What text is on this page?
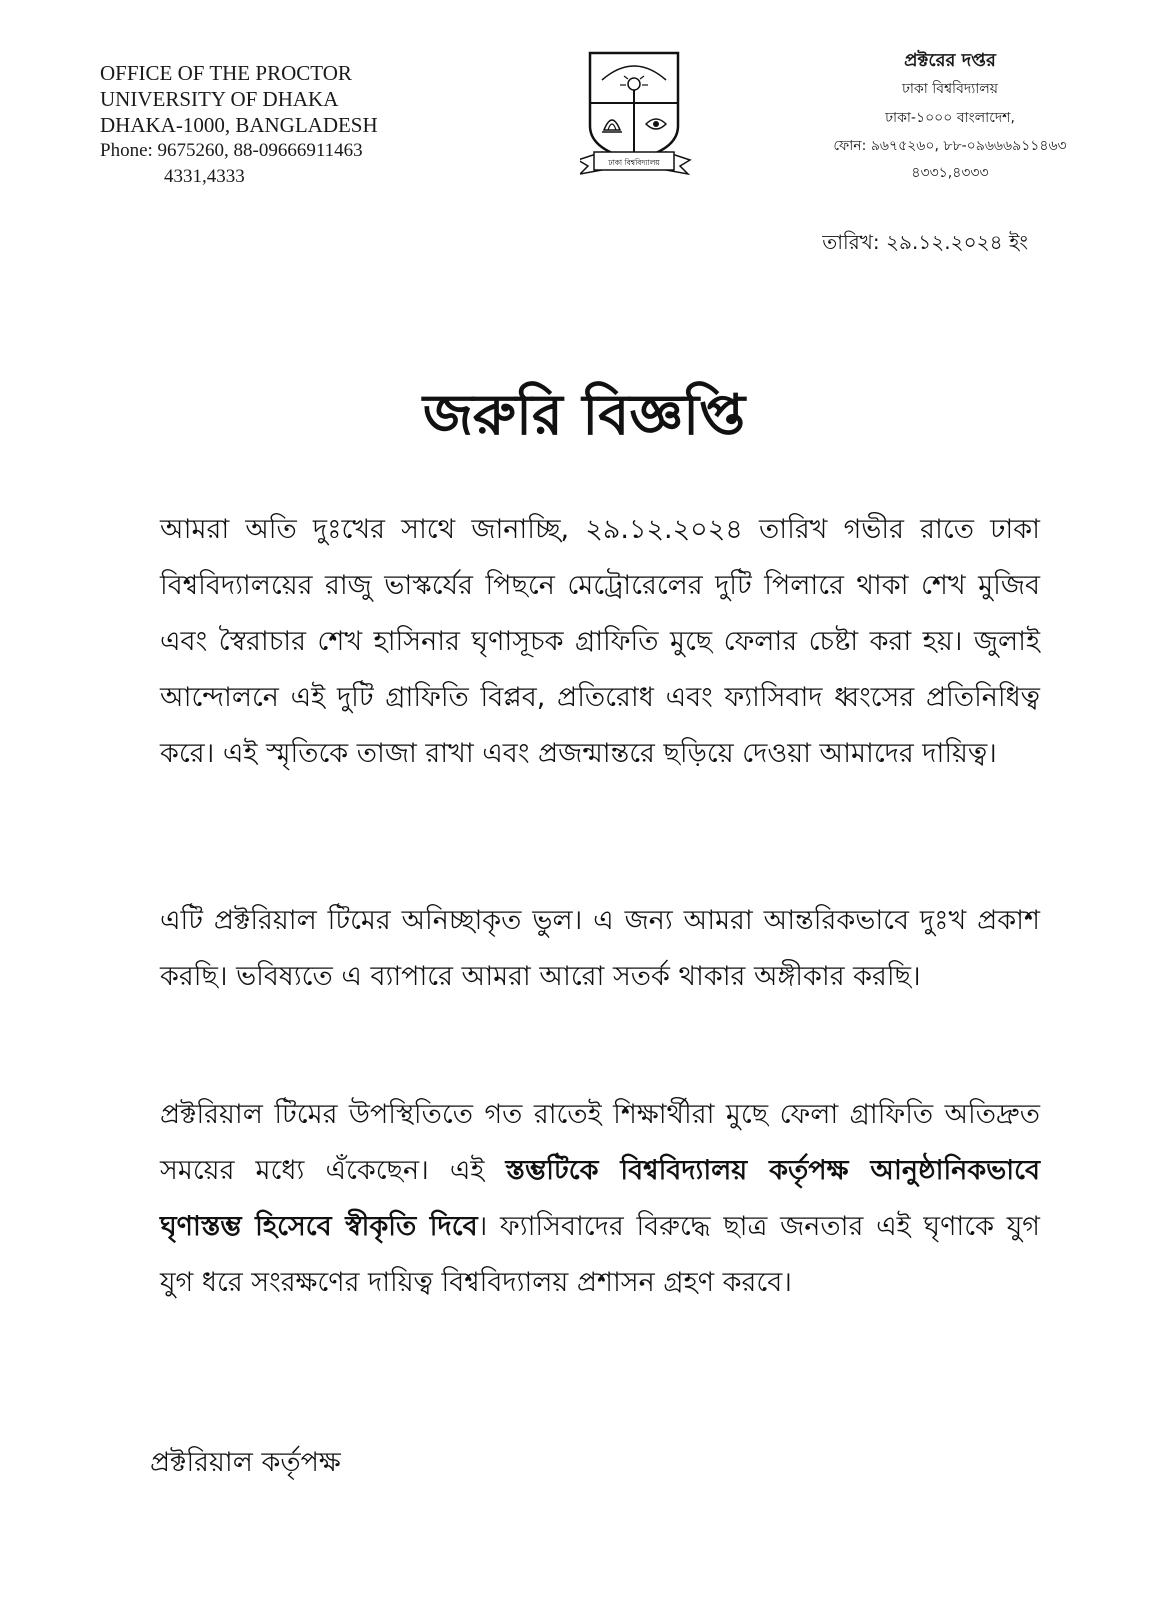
OFFICE OF THE PROCTOR
UNIVERSITY OF DHAKA
DHAKA-1000, BANGLADESH
Phone: 9675260, 88-09666911463
4331,4333
ঢাকা বিশ্ববিদ্যালয়
প্রক্টরের দপ্তর
ঢাকা বিশ্ববিদ্যালয়
ঢাকা-১০০০ বাংলাদেশ,
ফোন: ৯৬৭৫২৬০, ৮৮-০৯৬৬৬৯১১৪৬৩
৪৩৩১,৪৩৩৩
তারিখ: ২৯.১২.২০২৪ ইং
জরুরি বিজ্ঞপ্তি
আমরা অতি দুঃখের সাথে জানাচ্ছি, ২৯.১২.২০২৪ তারিখ গভীর রাতে ঢাকা বিশ্ববিদ্যালয়ের রাজু ভাস্কর্যের পিছনে মেট্রোরেলের দুটি পিলারে থাকা শেখ মুজিব এবং স্বৈরাচার শেখ হাসিনার ঘৃণাসূচক গ্রাফিতি মুছে ফেলার চেষ্টা করা হয়। জুলাই আন্দোলনে এই দুটি গ্রাফিতি বিপ্লব, প্রতিরোধ এবং ফ্যাসিবাদ ধ্বংসের প্রতিনিধিত্ব করে। এই স্মৃতিকে তাজা রাখা এবং প্রজন্মান্তরে ছড়িয়ে দেওয়া আমাদের দায়িত্ব।
এটি প্রক্টরিয়াল টিমের অনিচ্ছাকৃত ভুল। এ জন্য আমরা আন্তরিকভাবে দুঃখ প্রকাশ করছি। ভবিষ্যতে এ ব্যাপারে আমরা আরো সতর্ক থাকার অঙ্গীকার করছি।
প্রক্টরিয়াল টিমের উপস্থিতিতে গত রাতেই শিক্ষার্থীরা মুছে ফেলা গ্রাফিতি অতিদ্রুত সময়ের মধ্যে এঁকেছেন। এই স্তম্ভটিকে বিশ্ববিদ্যালয় কর্তৃপক্ষ আনুষ্ঠানিকভাবে ঘৃণাস্তম্ভ হিসেবে স্বীকৃতি দিবে। ফ্যাসিবাদের বিরুদ্ধে ছাত্র জনতার এই ঘৃণাকে যুগ যুগ ধরে সংরক্ষণের দায়িত্ব বিশ্ববিদ্যালয় প্রশাসন গ্রহণ করবে।
প্রক্টরিয়াল কর্তৃপক্ষ
